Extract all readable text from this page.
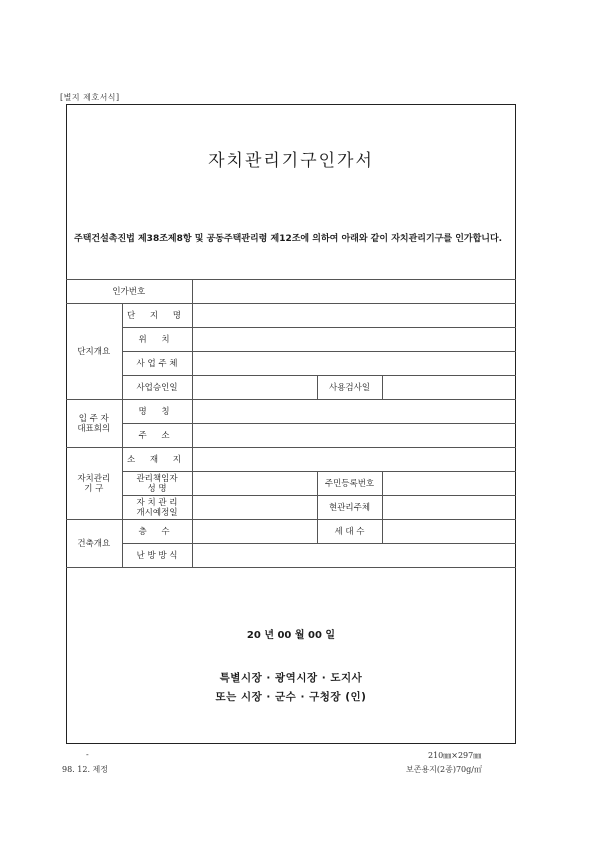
[별지 제호서식]
자치관리기구인가서
주택건설촉진법 제38조제8항 및 공동주택관리령 제12조에 의하여 아래와 같이 자치관리기구를 인가합니다.
인가번호				
단지개요	단 지 명			
	위 치			
	사 업 주 체			
	사업승인일		사용검사일	

입 주 자
대표회의	명 칭			
	주 소			

자치관리
기 구	소 재 지			

	관리책임자
성 명		주민등록번호	

	자 치 관 리
개시예정일		현관리주체	
건축개요	층 수		세 대 수	
	난 방 방 식			
20 년 00 월 00 일
특별시장 · 광역시장 · 도지사
또는 시장 · 군수 · 구청장 (인)
-	210㎜×297㎜
98. 12. 제정	보존용지(2종)70g/㎡
